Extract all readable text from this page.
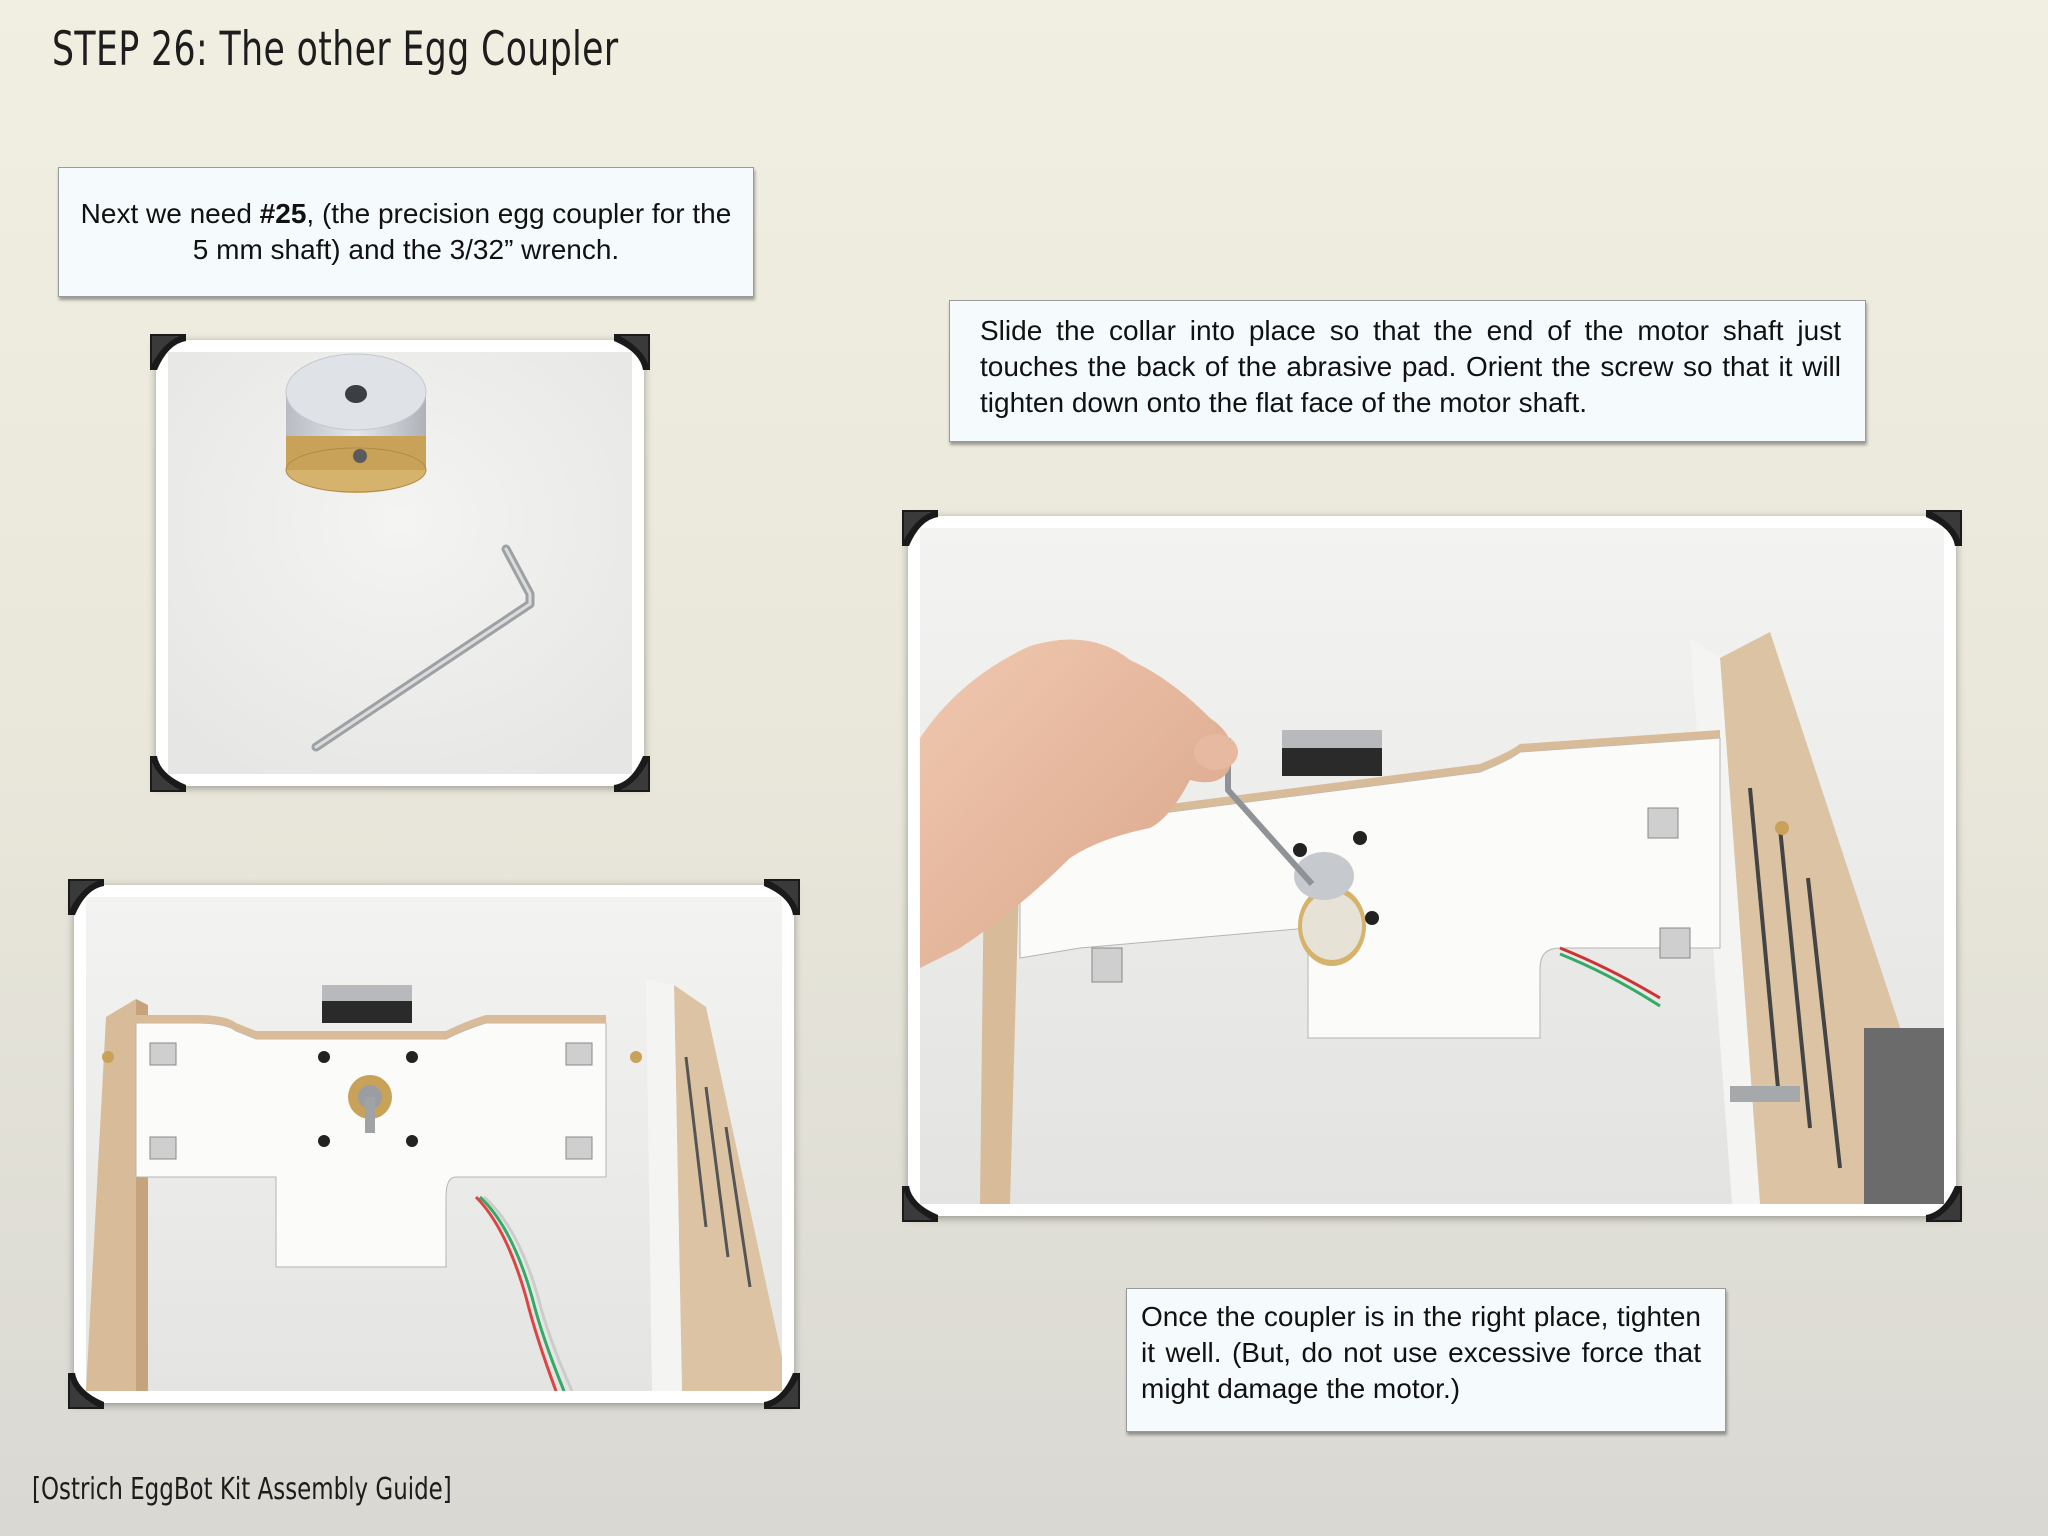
STEP 26: The other Egg Coupler
Next we need #25, (the precision egg coupler for the 5 mm shaft) and the 3/32” wrench.
Slide the collar into place so that the end of the motor shaft just touches the back of the abrasive pad. Orient the screw so that it will tighten down onto the flat face of the motor shaft.
Once the coupler is in the right place, tighten it well. (But, do not use excessive force that might damage the motor.)
[Ostrich EggBot Kit Assembly Guide]
